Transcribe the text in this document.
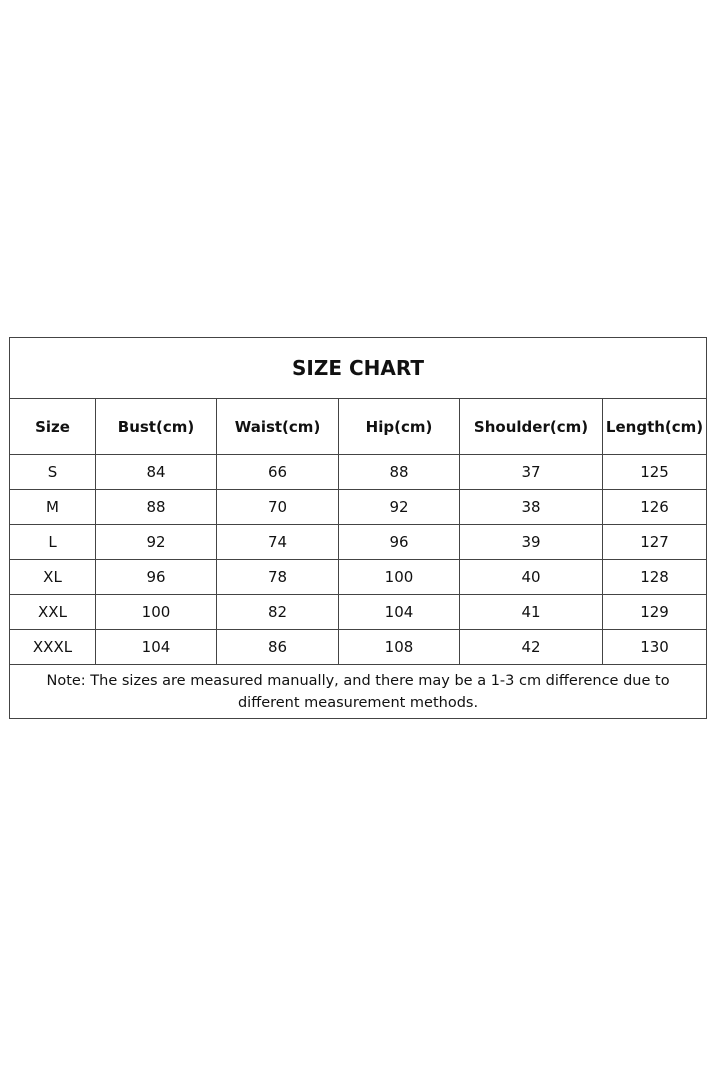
SIZE CHART					
Size	Bust(cm)	Waist(cm)	Hip(cm)	Shoulder(cm)	Length(cm)
S	84	66	88	37	125
M	88	70	92	38	126
L	92	74	96	39	127
XL	96	78	100	40	128
XXL	100	82	104	41	129
XXXL	104	86	108	42	130
Note: The sizes are measured manually, and there may be a 1-3 cm difference due to different measurement methods.					
